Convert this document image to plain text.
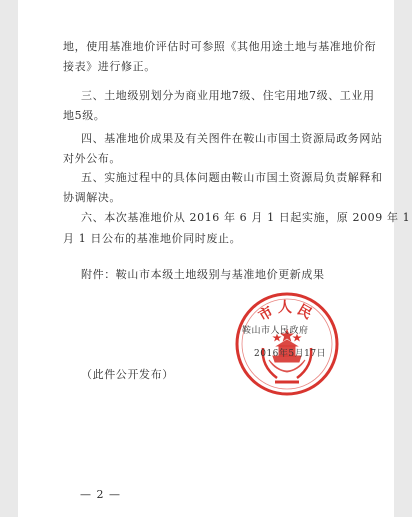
地，使用基准地价评估时可参照《其他用途土地与基准地价衔
接表》进行修正。
三、土地级别划分为商业用地7级、住宅用地7级、工业用
地5级。
四、基准地价成果及有关图件在鞍山市国土资源局政务网站
对外公布。
五、实施过程中的具体问题由鞍山市国土资源局负责解释和
协调解决。
六、本次基准地价从 2016 年 6 月 1 日起实施，原 2009 年 1
月 1 日公布的基准地价同时废止。
附件：鞍山市本级土地级别与基准地价更新成果
（此件公开发布）
— 2 —
市人民
鞍山市人民政府
2016年5月17日
